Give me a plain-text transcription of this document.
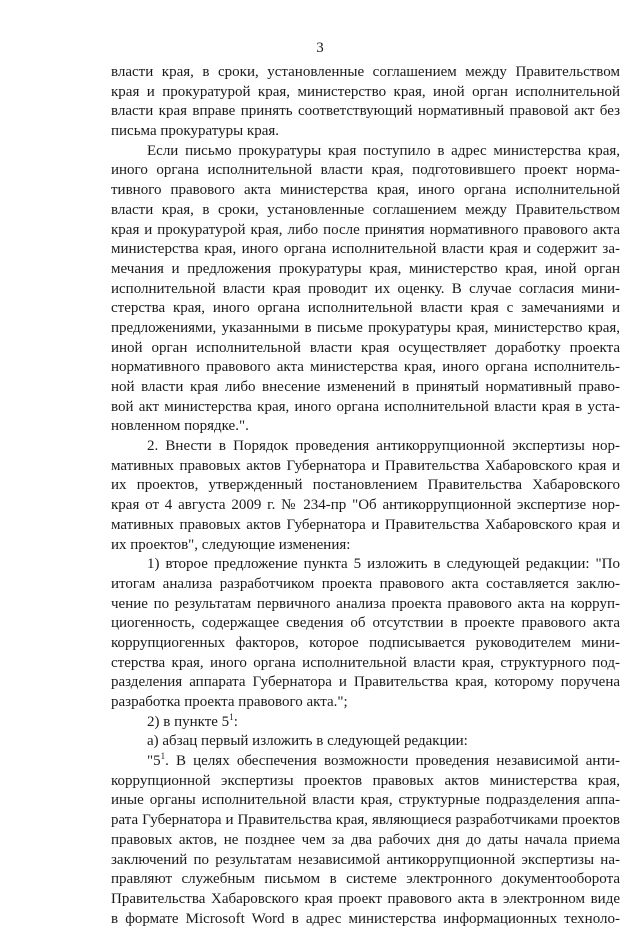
3
власти края, в сроки, установленные соглашением между Правительством
края и прокуратурой края, министерство края, иной орган исполнительной
власти края вправе принять соответствующий нормативный правовой акт без
письма прокуратуры края.
Если письмо прокуратуры края поступило в адрес министерства края,
иного органа исполнительной власти края, подготовившего проект норма-
тивного правового акта министерства края, иного органа исполнительной
власти края, в сроки, установленные соглашением между Правительством
края и прокуратурой края, либо после принятия нормативного правового акта
министерства края, иного органа исполнительной власти края и содержит за-
мечания и предложения прокуратуры края, министерство края, иной орган
исполнительной власти края проводит их оценку. В случае согласия мини-
стерства края, иного органа исполнительной власти края с замечаниями и
предложениями, указанными в письме прокуратуры края, министерство края,
иной орган исполнительной власти края осуществляет доработку проекта
нормативного правового акта министерства края, иного органа исполнитель-
ной власти края либо внесение изменений в принятый нормативный право-
вой акт министерства края, иного органа исполнительной власти края в уста-
новленном порядке.".
2. Внести в Порядок проведения антикоррупционной экспертизы нор-
мативных правовых актов Губернатора и Правительства Хабаровского края и
их проектов, утвержденный постановлением Правительства Хабаровского
края от 4 августа 2009 г. № 234-пр "Об антикоррупционной экспертизе нор-
мативных правовых актов Губернатора и Правительства Хабаровского края и
их проектов", следующие изменения:
1) второе предложение пункта 5 изложить в следующей редакции: "По
итогам анализа разработчиком проекта правового акта составляется заклю-
чение по результатам первичного анализа проекта правового акта на корруп-
циогенность, содержащее сведения об отсутствии в проекте правового акта
коррупциогенных факторов, которое подписывается руководителем мини-
стерства края, иного органа исполнительной власти края, структурного под-
разделения аппарата Губернатора и Правительства края, которому поручена
разработка проекта правового акта.";
2) в пункте $5^1$:
а) абзац первый изложить в следующей редакции:
"$5^1$. В целях обеспечения возможности проведения независимой анти-
коррупционной экспертизы проектов правовых актов министерства края,
иные органы исполнительной власти края, структурные подразделения аппа-
рата Губернатора и Правительства края, являющиеся разработчиками проектов
правовых актов, не позднее чем за два рабочих дня до даты начала приема
заключений по результатам независимой антикоррупционной экспертизы на-
правляют служебным письмом в системе электронного документооборота
Правительства Хабаровского края проект правового акта в электронном виде
в формате Microsoft Word в адрес министерства информационных техноло-
